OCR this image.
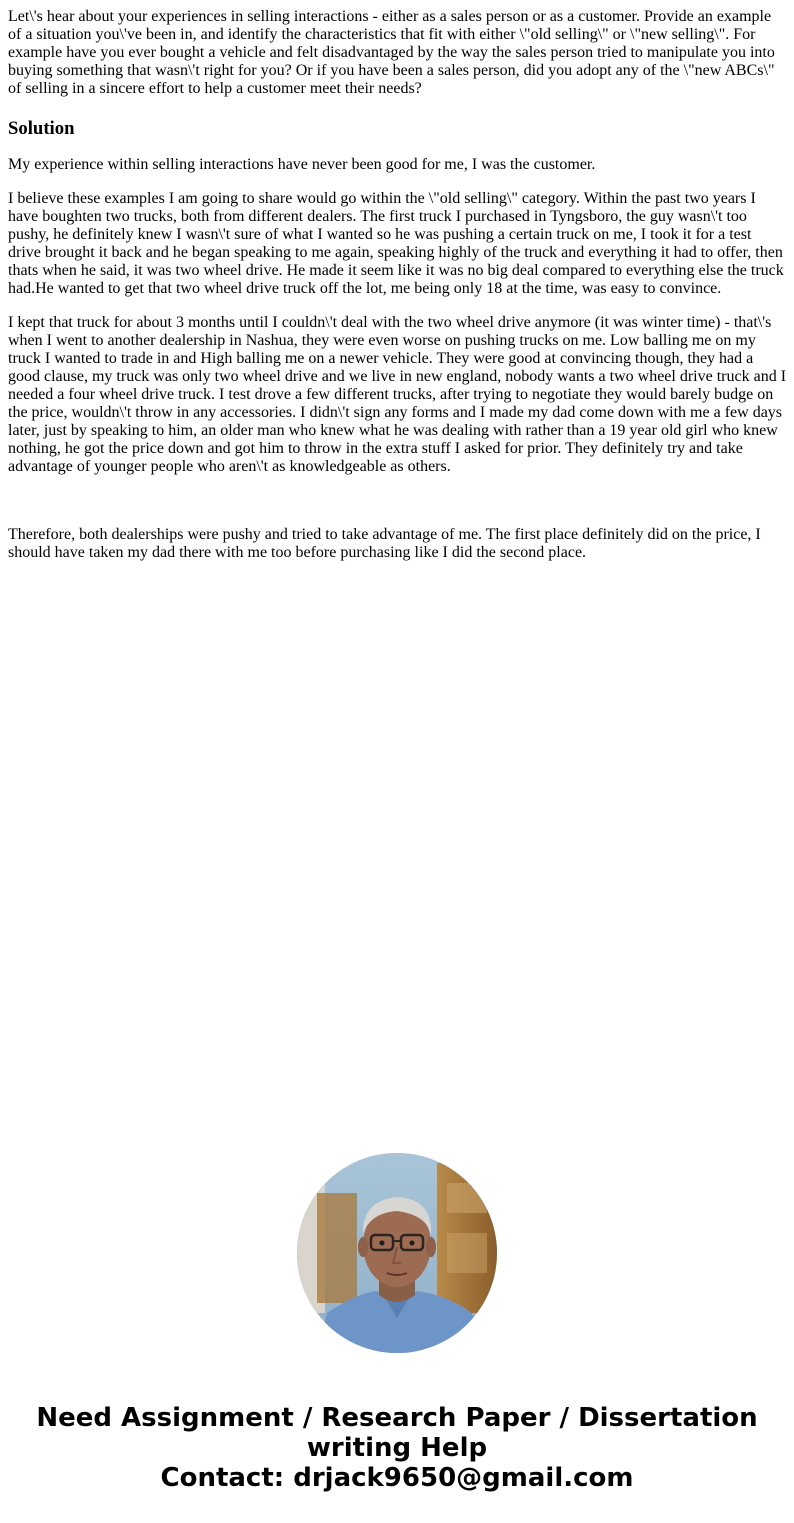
Let\'s hear about your experiences in selling interactions - either as a sales person or as a customer. Provide an example of a situation you\'ve been in, and identify the characteristics that fit with either \"old selling\" or \"new selling\". For example have you ever bought a vehicle and felt disadvantaged by the way the sales person tried to manipulate you into buying something that wasn\'t right for you? Or if you have been a sales person, did you adopt any of the \"new ABCs\" of selling in a sincere effort to help a customer meet their needs?

Solution

My experience within selling interactions have never been good for me, I was the customer.

I believe these examples I am going to share would go within the \"old selling\" category. Within the past two years I have boughten two trucks, both from different dealers. The first truck I purchased in Tyngsboro, the guy wasn\'t too pushy, he definitely knew I wasn\'t sure of what I wanted so he was pushing a certain truck on me, I took it for a test drive brought it back and he began speaking to me again, speaking highly of the truck and everything it had to offer, then thats when he said, it was two wheel drive. He made it seem like it was no big deal compared to everything else the truck had.He wanted to get that two wheel drive truck off the lot, me being only 18 at the time, was easy to convince.

I kept that truck for about 3 months until I couldn\'t deal with the two wheel drive anymore (it was winter time) - that\'s when I went to another dealership in Nashua, they were even worse on pushing trucks on me. Low balling me on my truck I wanted to trade in and High balling me on a newer vehicle. They were good at convincing though, they had a good clause, my truck was only two wheel drive and we live in new england, nobody wants a two wheel drive truck and I needed a four wheel drive truck. I test drove a few different trucks, after trying to negotiate they would barely budge on the price, wouldn\'t throw in any accessories. I didn\'t sign any forms and I made my dad come down with me a few days later, just by speaking to him, an older man who knew what he was dealing with rather than a 19 year old girl who knew nothing, he got the price down and got him to throw in the extra stuff I asked for prior. They definitely try and take advantage of younger people who aren\'t as knowledgeable as others.

Therefore, both dealerships were pushy and tried to take advantage of me. The first place definitely did on the price, I should have taken my dad there with me too before purchasing like I did the second place.

Need Assignment / Research Paper / Dissertation
writing Help
Contact: drjack9650@gmail.com
